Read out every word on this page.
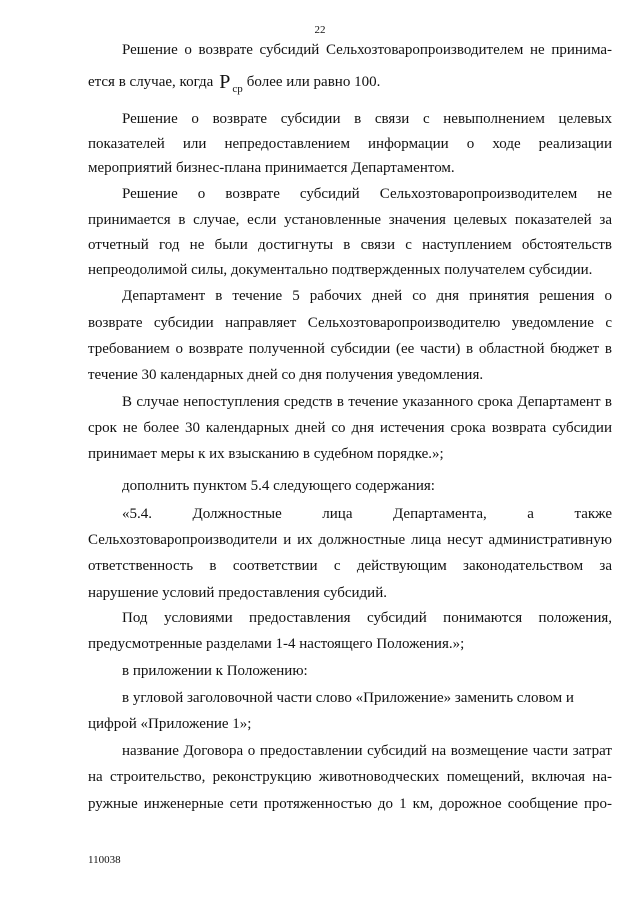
22
Решение о возврате субсидий Сельхозтоваропроизводителем не принима-
ется в случае, когда P $_{ср}$ более или равно 100.
Решение о возврате субсидии в связи с невыполнением целевых
показателей или непредоставлением информации о ходе реализации
мероприятий бизнес-плана принимается Департаментом.
Решение о возврате субсидий Сельхозтоваропроизводителем не
принимается в случае, если установленные значения целевых показателей за
отчетный год не были достигнуты в связи с наступлением обстоятельств
непреодолимой силы, документально подтвержденных получателем субсидии.
Департамент в течение 5 рабочих дней со дня принятия решения о
возврате субсидии направляет Сельхозтоваропроизводителю уведомление с
требованием о возврате полученной субсидии (ее части) в областной бюджет в
течение 30 календарных дней со дня получения уведомления.
В случае непоступления средств в течение указанного срока Департамент в
срок не более 30 календарных дней со дня истечения срока возврата субсидии
принимает меры к их взысканию в судебном порядке.»;
дополнить пунктом 5.4 следующего содержания:
«5.4. Должностные лица Департамента, а также
Сельхозтоваропроизводители и их должностные лица несут административную
ответственность в соответствии с действующим законодательством за
нарушение условий предоставления субсидий.
Под условиями предоставления субсидий понимаются положения,
предусмотренные разделами 1-4 настоящего Положения.»;
в приложении к Положению:
в угловой заголовочной части слово «Приложение» заменить словом и
цифрой «Приложение 1»;
название Договора о предоставлении субсидий на возмещение части затрат
на строительство, реконструкцию животноводческих помещений, включая на-
ружные инженерные сети протяженностью до 1 км, дорожное сообщение про-
110038
